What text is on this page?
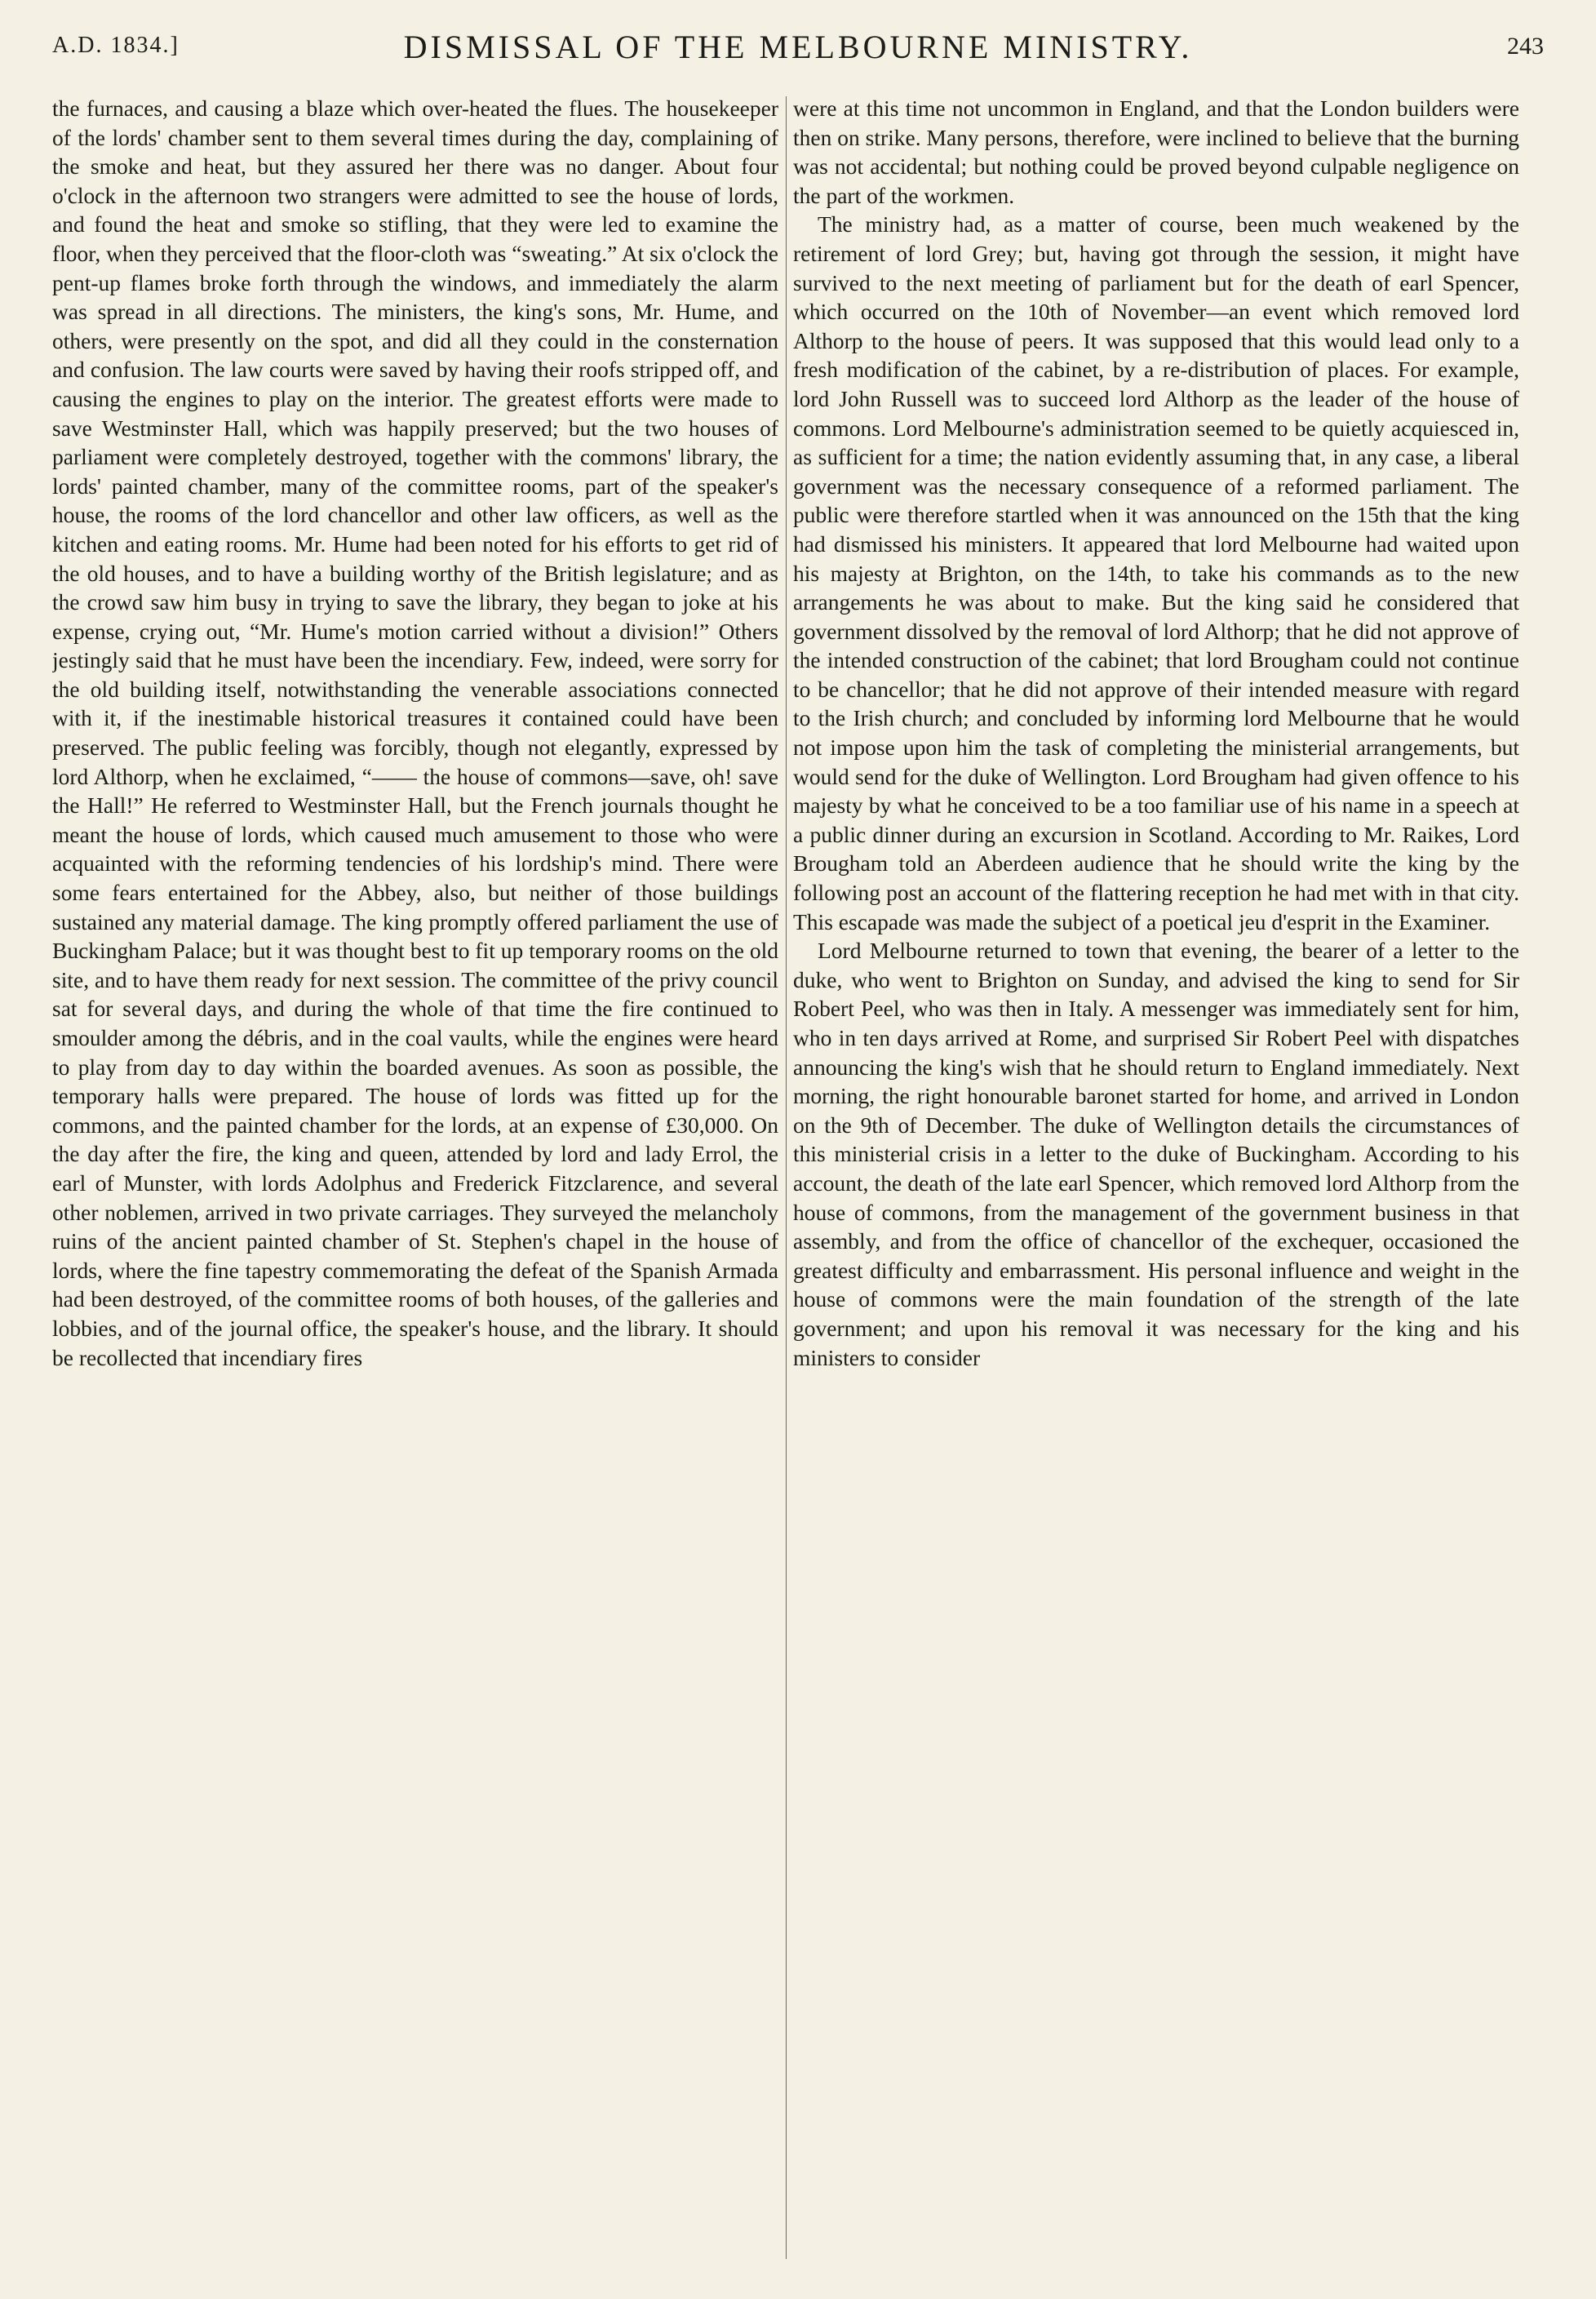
A.D. 1834.]	DISMISSAL OF THE MELBOURNE MINISTRY.	243

the furnaces, and causing a blaze which over-heated the flues. The housekeeper of the lords' chamber sent to them several times during the day, complaining of the smoke and heat, but they assured her there was no danger. About four o'clock in the afternoon two strangers were admitted to see the house of lords, and found the heat and smoke so stifling, that they were led to examine the floor, when they perceived that the floor-cloth was “sweating.” At six o'clock the pent-up flames broke forth through the windows, and immediately the alarm was spread in all directions. The ministers, the king's sons, Mr. Hume, and others, were presently on the spot, and did all they could in the consternation and confusion. The law courts were saved by having their roofs stripped off, and causing the engines to play on the interior. The greatest efforts were made to save Westminster Hall, which was happily preserved; but the two houses of parliament were completely destroyed, together with the commons' library, the lords' painted chamber, many of the committee rooms, part of the speaker's house, the rooms of the lord chancellor and other law officers, as well as the kitchen and eating rooms. Mr. Hume had been noted for his efforts to get rid of the old houses, and to have a building worthy of the British legislature; and as the crowd saw him busy in trying to save the library, they began to joke at his expense, crying out, “Mr. Hume's motion carried without a division!” Others jestingly said that he must have been the incendiary. Few, indeed, were sorry for the old building itself, notwithstanding the venerable associations connected with it, if the inestimable historical treasures it contained could have been preserved. The public feeling was forcibly, though not elegantly, expressed by lord Althorp, when he exclaimed, “—— the house of commons—save, oh! save the Hall!” He referred to Westminster Hall, but the French journals thought he meant the house of lords, which caused much amusement to those who were acquainted with the reforming tendencies of his lordship's mind. There were some fears entertained for the Abbey, also, but neither of those buildings sustained any material damage. The king promptly offered parliament the use of Buckingham Palace; but it was thought best to fit up temporary rooms on the old site, and to have them ready for next session. The committee of the privy council sat for several days, and during the whole of that time the fire continued to smoulder among the débris, and in the coal vaults, while the engines were heard to play from day to day within the boarded avenues. As soon as possible, the temporary halls were prepared. The house of lords was fitted up for the commons, and the painted chamber for the lords, at an expense of £30,000. On the day after the fire, the king and queen, attended by lord and lady Errol, the earl of Munster, with lords Adolphus and Frederick Fitzclarence, and several other noblemen, arrived in two private carriages. They surveyed the melancholy ruins of the ancient painted chamber of St. Stephen's chapel in the house of lords, where the fine tapestry commemorating the defeat of the Spanish Armada had been destroyed, of the committee rooms of both houses, of the galleries and lobbies, and of the journal office, the speaker's house, and the library. It should be recollected that incendiary fires

were at this time not uncommon in England, and that the London builders were then on strike. Many persons, therefore, were inclined to believe that the burning was not accidental; but nothing could be proved beyond culpable negligence on the part of the workmen.

The ministry had, as a matter of course, been much weakened by the retirement of lord Grey; but, having got through the session, it might have survived to the next meeting of parliament but for the death of earl Spencer, which occurred on the 10th of November—an event which removed lord Althorp to the house of peers. It was supposed that this would lead only to a fresh modification of the cabinet, by a re-distribution of places. For example, lord John Russell was to succeed lord Althorp as the leader of the house of commons. Lord Melbourne's administration seemed to be quietly acquiesced in, as sufficient for a time; the nation evidently assuming that, in any case, a liberal government was the necessary consequence of a reformed parliament. The public were therefore startled when it was announced on the 15th that the king had dismissed his ministers. It appeared that lord Melbourne had waited upon his majesty at Brighton, on the 14th, to take his commands as to the new arrangements he was about to make. But the king said he considered that government dissolved by the removal of lord Althorp; that he did not approve of the intended construction of the cabinet; that lord Brougham could not continue to be chancellor; that he did not approve of their intended measure with regard to the Irish church; and concluded by informing lord Melbourne that he would not impose upon him the task of completing the ministerial arrangements, but would send for the duke of Wellington. Lord Brougham had given offence to his majesty by what he conceived to be a too familiar use of his name in a speech at a public dinner during an excursion in Scotland. According to Mr. Raikes, Lord Brougham told an Aberdeen audience that he should write the king by the following post an account of the flattering reception he had met with in that city. This escapade was made the subject of a poetical jeu d'esprit in the Examiner.

Lord Melbourne returned to town that evening, the bearer of a letter to the duke, who went to Brighton on Sunday, and advised the king to send for Sir Robert Peel, who was then in Italy. A messenger was immediately sent for him, who in ten days arrived at Rome, and surprised Sir Robert Peel with dispatches announcing the king's wish that he should return to England immediately. Next morning, the right honourable baronet started for home, and arrived in London on the 9th of December. The duke of Wellington details the circumstances of this ministerial crisis in a letter to the duke of Buckingham. According to his account, the death of the late earl Spencer, which removed lord Althorp from the house of commons, from the management of the government business in that assembly, and from the office of chancellor of the exchequer, occasioned the greatest difficulty and embarrassment. His personal influence and weight in the house of commons were the main foundation of the strength of the late government; and upon his removal it was necessary for the king and his ministers to consider
